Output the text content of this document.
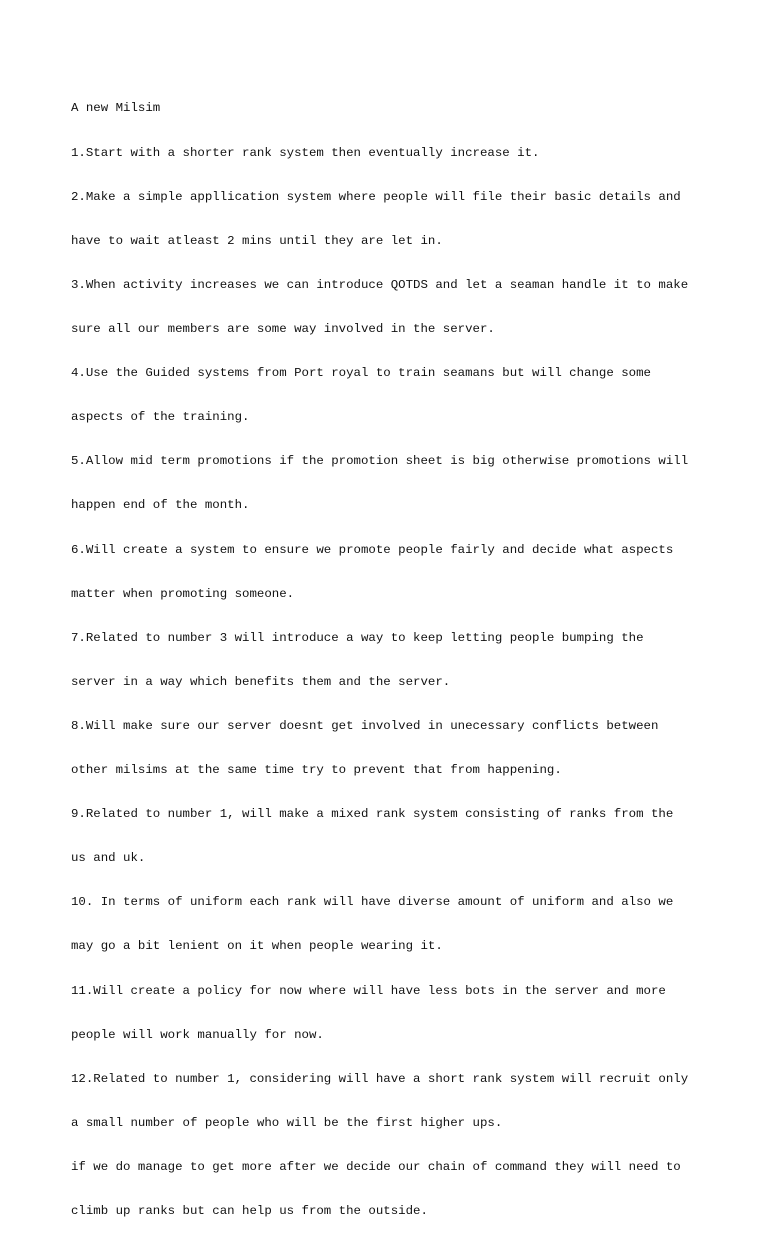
A new Milsim

1.Start with a shorter rank system then eventually increase it.

2.Make a simple appllication system where people will file their basic details and

have to wait atleast 2 mins until they are let in.

3.When activity increases we can introduce QOTDS and let a seaman handle it to make

sure all our members are some way involved in the server.

4.Use the Guided systems from Port royal to train seamans but will change some

aspects of the training.

5.Allow mid term promotions if the promotion sheet is big otherwise promotions will

happen end of the month.

6.Will create a system to ensure we promote people fairly and decide what aspects

matter when promoting someone.

7.Related to number 3 will introduce a way to keep letting people bumping the

server in a way which benefits them and the server.

8.Will make sure our server doesnt get involved in unecessary conflicts between

other milsims at the same time try to prevent that from happening.

9.Related to number 1, will make a mixed rank system consisting of ranks from the

us and uk.

10. In terms of uniform each rank will have diverse amount of uniform and also we

may go a bit lenient on it when people wearing it.

11.Will create a policy for now where will have less bots in the server and more

people will work manually for now.

12.Related to number 1, considering will have a short rank system will recruit only

a small number of people who will be the first higher ups.

if we do manage to get more after we decide our chain of command they will need to

climb up ranks but can help us from the outside.
